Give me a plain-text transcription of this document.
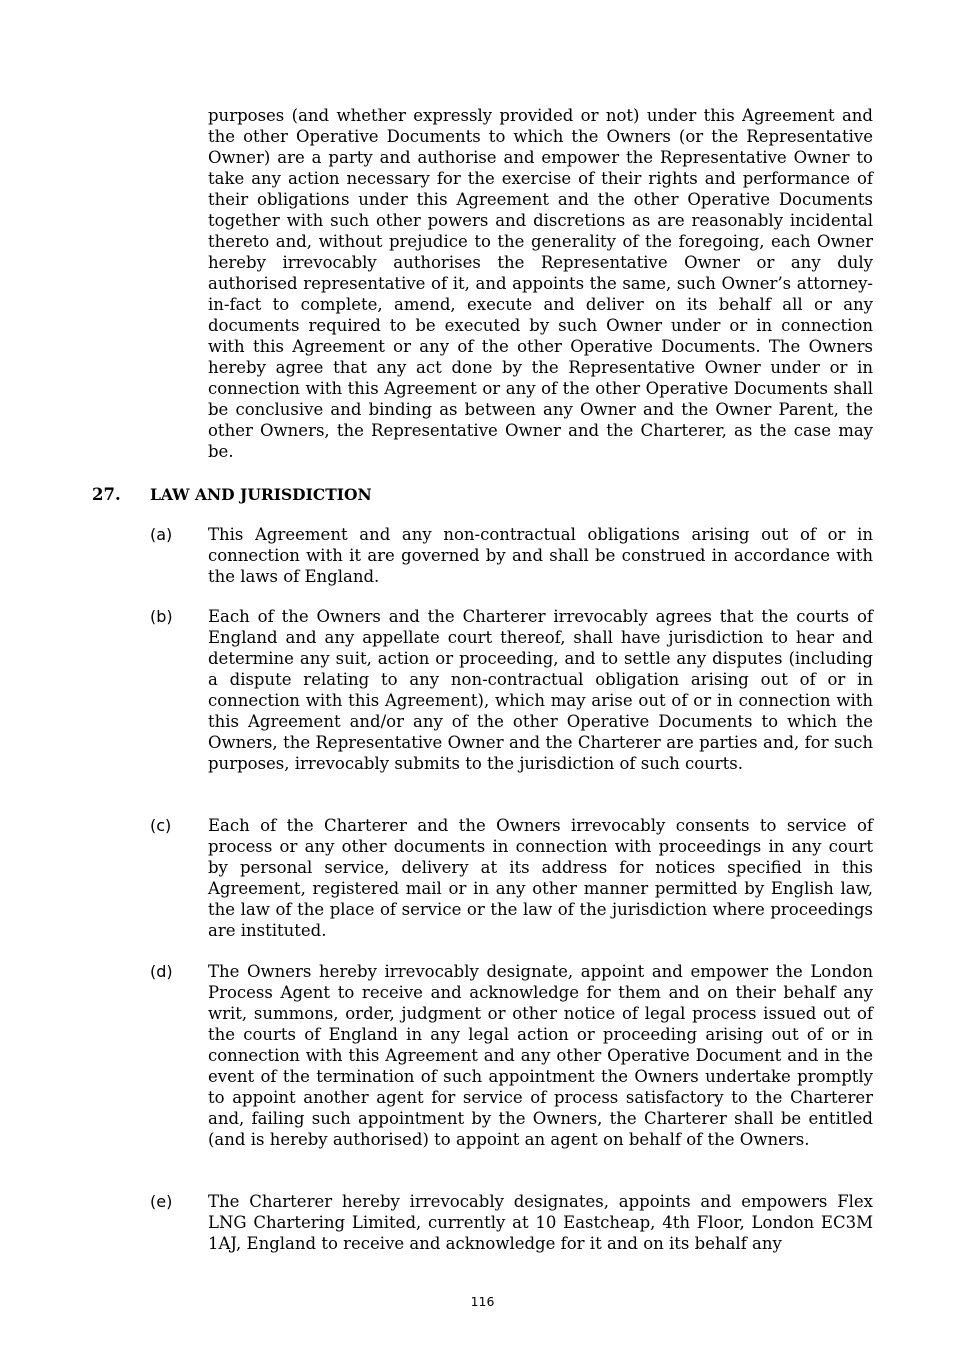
purposes (and whether expressly provided or not) under this Agreement and the other Operative Documents to which the Owners (or the Representative Owner) are a party and authorise and empower the Representative Owner to take any action necessary for the exercise of their rights and performance of their obligations under this Agreement and the other Operative Documents together with such other powers and discretions as are reasonably incidental thereto and, without prejudice to the generality of the foregoing, each Owner hereby irrevocably authorises the Representative Owner or any duly authorised representative of it, and appoints the same, such Owner’s attorney-in-fact to complete, amend, execute and deliver on its behalf all or any documents required to be executed by such Owner under or in connection with this Agreement or any of the other Operative Documents. The Owners hereby agree that any act done by the Representative Owner under or in connection with this Agreement or any of the other Operative Documents shall be conclusive and binding as between any Owner and the Owner Parent, the other Owners, the Representative Owner and the Charterer, as the case may be.

27. LAW AND JURISDICTION
(a) This Agreement and any non-contractual obligations arising out of or in connection with it are governed by and shall be construed in accordance with the laws of England.

(b) Each of the Owners and the Charterer irrevocably agrees that the courts of England and any appellate court thereof, shall have jurisdiction to hear and determine any suit, action or proceeding, and to settle any disputes (including a dispute relating to any non-contractual obligation arising out of or in connection with this Agreement), which may arise out of or in connection with this Agreement and/or any of the other Operative Documents to which the Owners, the Representative Owner and the Charterer are parties and, for such purposes, irrevocably submits to the jurisdiction of such courts.

(c) Each of the Charterer and the Owners irrevocably consents to service of process or any other documents in connection with proceedings in any court by personal service, delivery at its address for notices specified in this Agreement, registered mail or in any other manner permitted by English law, the law of the place of service or the law of the jurisdiction where proceedings are instituted.

(d) The Owners hereby irrevocably designate, appoint and empower the London Process Agent to receive and acknowledge for them and on their behalf any writ, summons, order, judgment or other notice of legal process issued out of the courts of England in any legal action or proceeding arising out of or in connection with this Agreement and any other Operative Document and in the event of the termination of such appointment the Owners undertake promptly to appoint another agent for service of process satisfactory to the Charterer and, failing such appointment by the Owners, the Charterer shall be entitled (and is hereby authorised) to appoint an agent on behalf of the Owners.

(e) The Charterer hereby irrevocably designates, appoints and empowers Flex LNG Chartering Limited, currently at 10 Eastcheap, 4th Floor, London EC3M 1AJ, England to receive and acknowledge for it and on its behalf any

116
